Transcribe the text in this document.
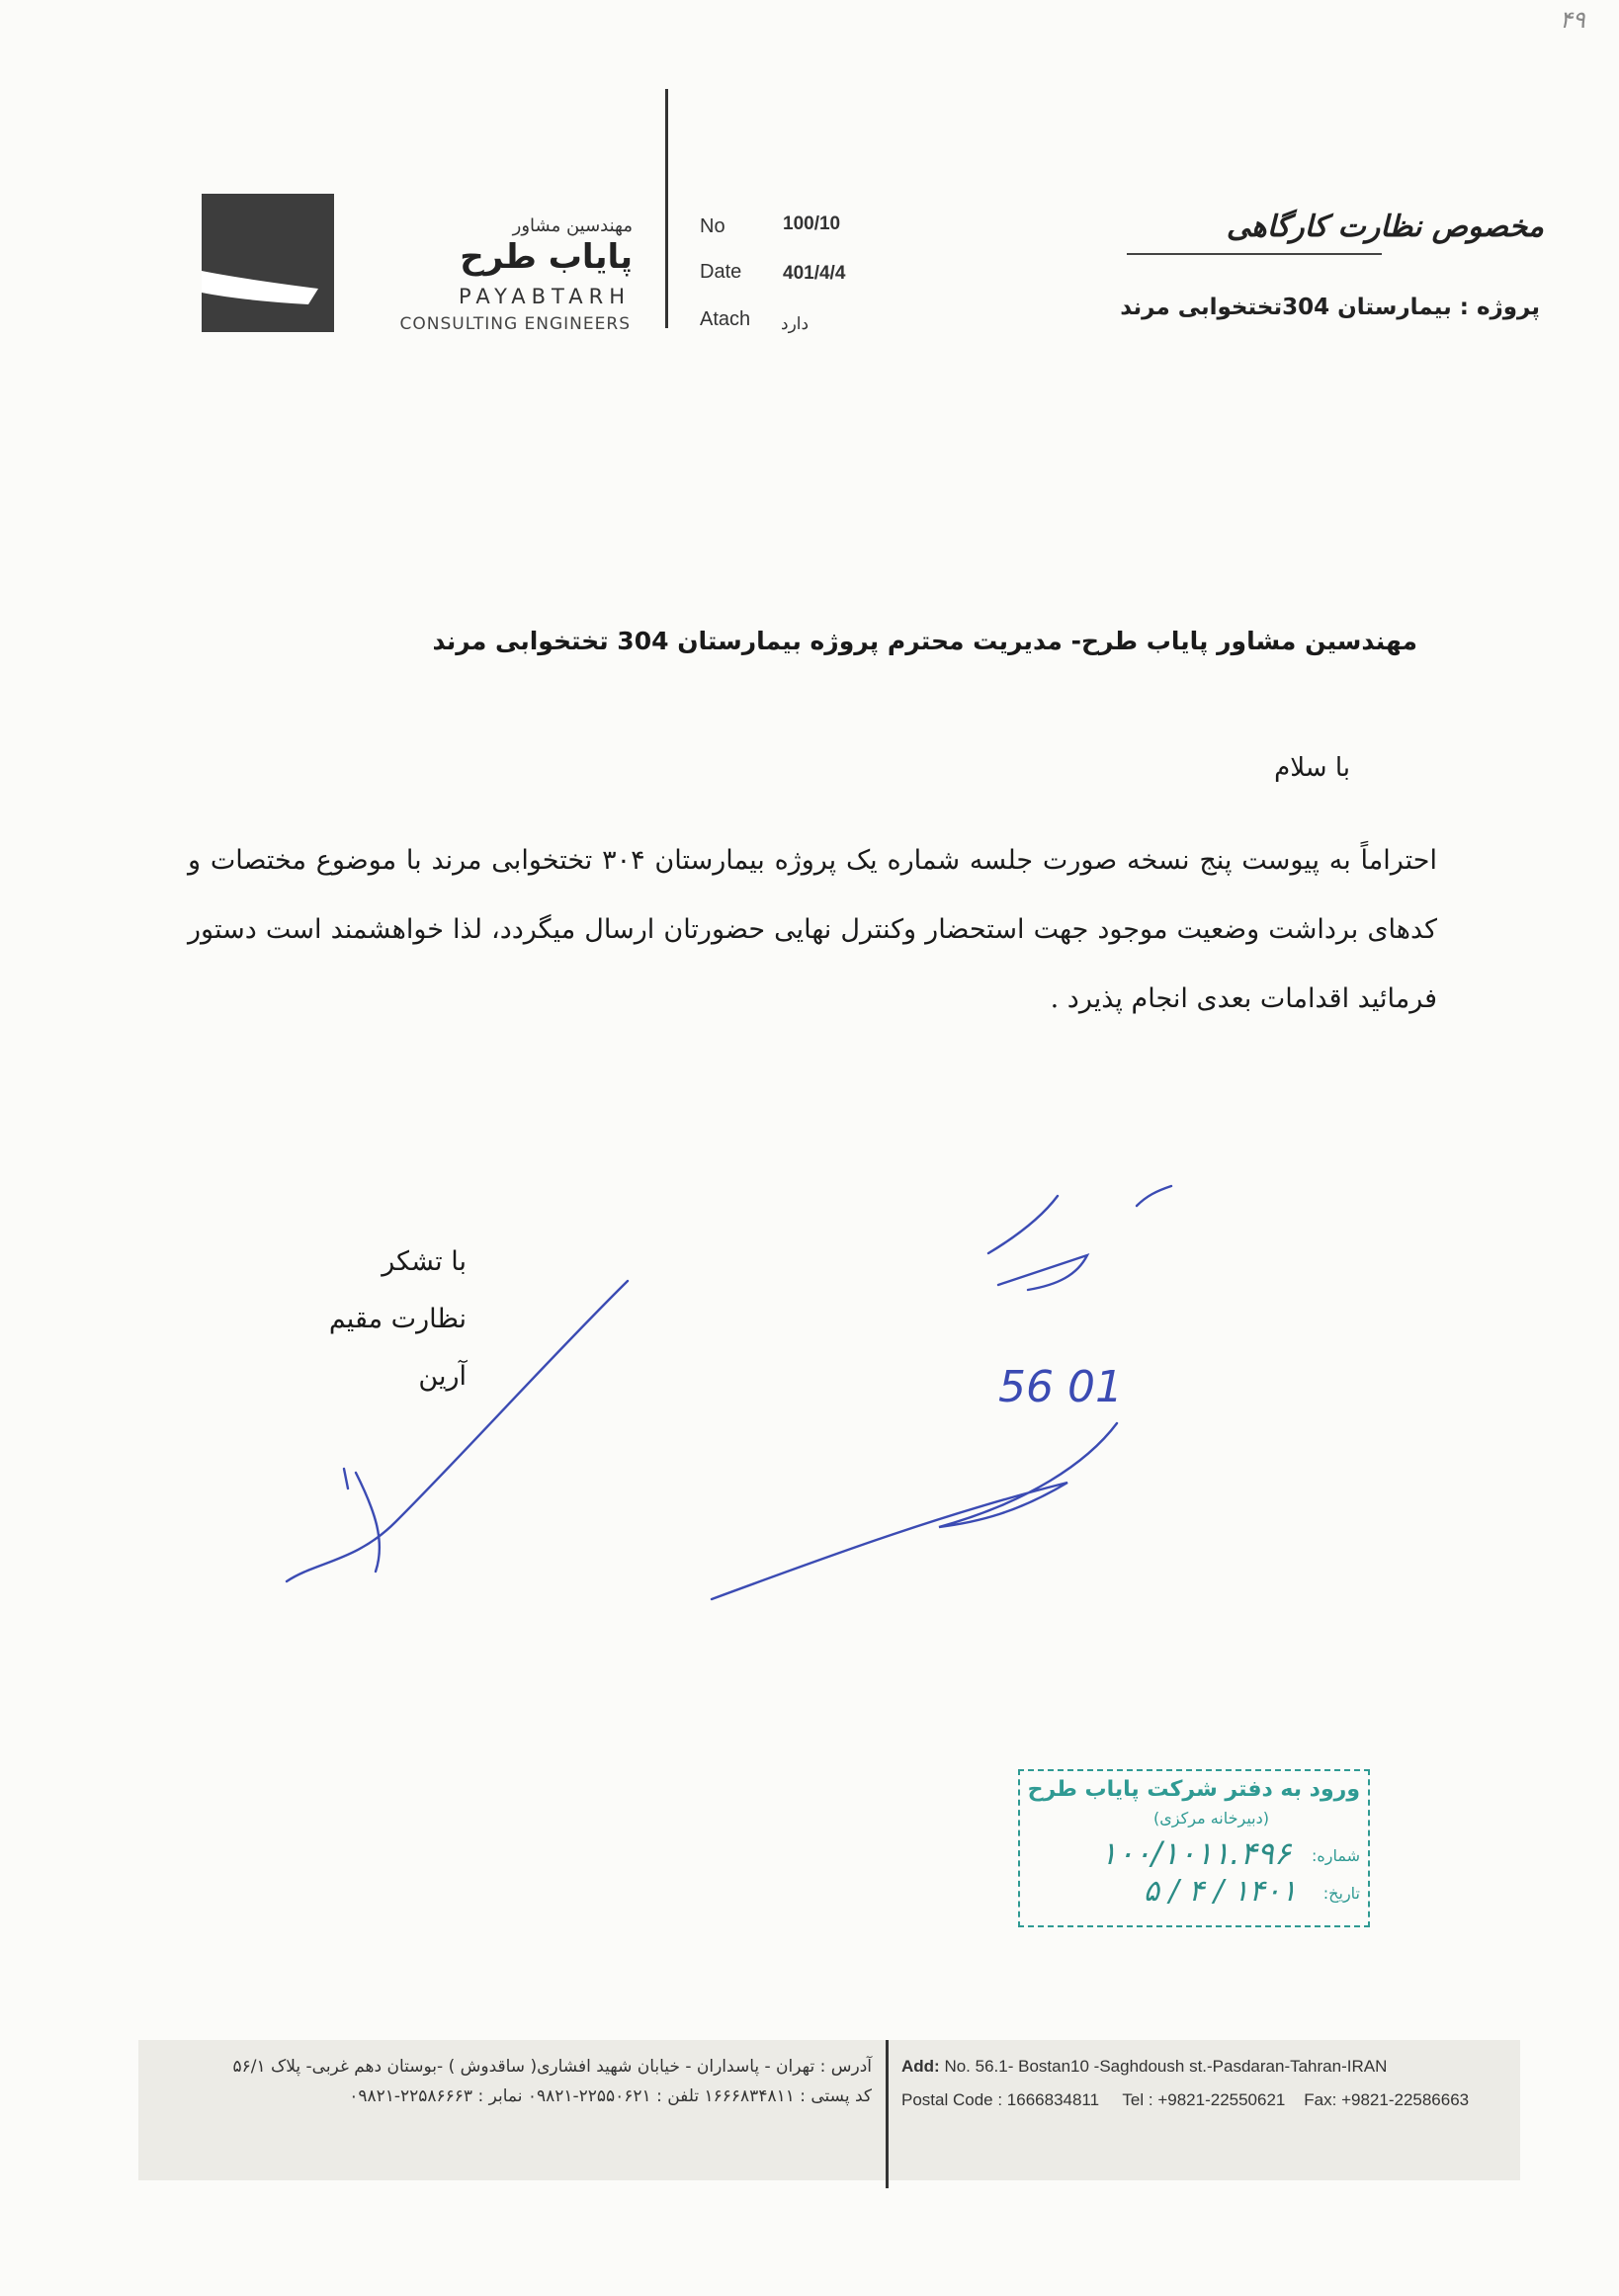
۴۹
مهندسین مشاور
پایاب طرح
PAYABTARH
CONSULTING ENGINEERS
No	100/10
Date 401/4/4
Atach دارد
مخصوص نظارت کارگاهی
پروژه : بیمارستان 304تختخوابی مرند
مهندسین مشاور پایاب طرح- مدیریت محترم پروژه بیمارستان 304 تختخوابی مرند
با سلام
احتراماً به پیوست پنج نسخه صورت جلسه شماره یک پروژه بیمارستان ۳۰۴ تختخوابی مرند با موضوع مختصات و کدهای برداشت وضعیت موجود جهت استحضار وکنترل نهایی حضورتان ارسال میگردد، لذا خواهشمند است دستور فرمائید اقدامات بعدی انجام پذیرد .
با تشکر
نظارت مقیم
آرین	56 01
ورود به دفتر شرکت پایاب طرح
(دبیرخانه مرکزی)
شماره:
۱۰۰/۱۰۱۱.۴۹۶
تاریخ:
۱۴۰۱ / ۴ / ۵
آدرس : تهران - پاسداران - خیابان شهید افشاری( ساقدوش ) -بوستان دهم غربی- پلاک ۵۶/۱
کد پستی : ۱۶۶۶۸۳۴۸۱۱ تلفن : ۲۲۵۵۰۶۲۱-۰۹۸۲۱ نمابر : ۲۲۵۸۶۶۶۳-۰۹۸۲۱
Add: No. 56.1- Bostan10 -Saghdoush st.-Pasdaran-Tahran-IRAN
Postal Code : 1666834811 Tel : +9821-22550621 Fax: +9821-22586663
